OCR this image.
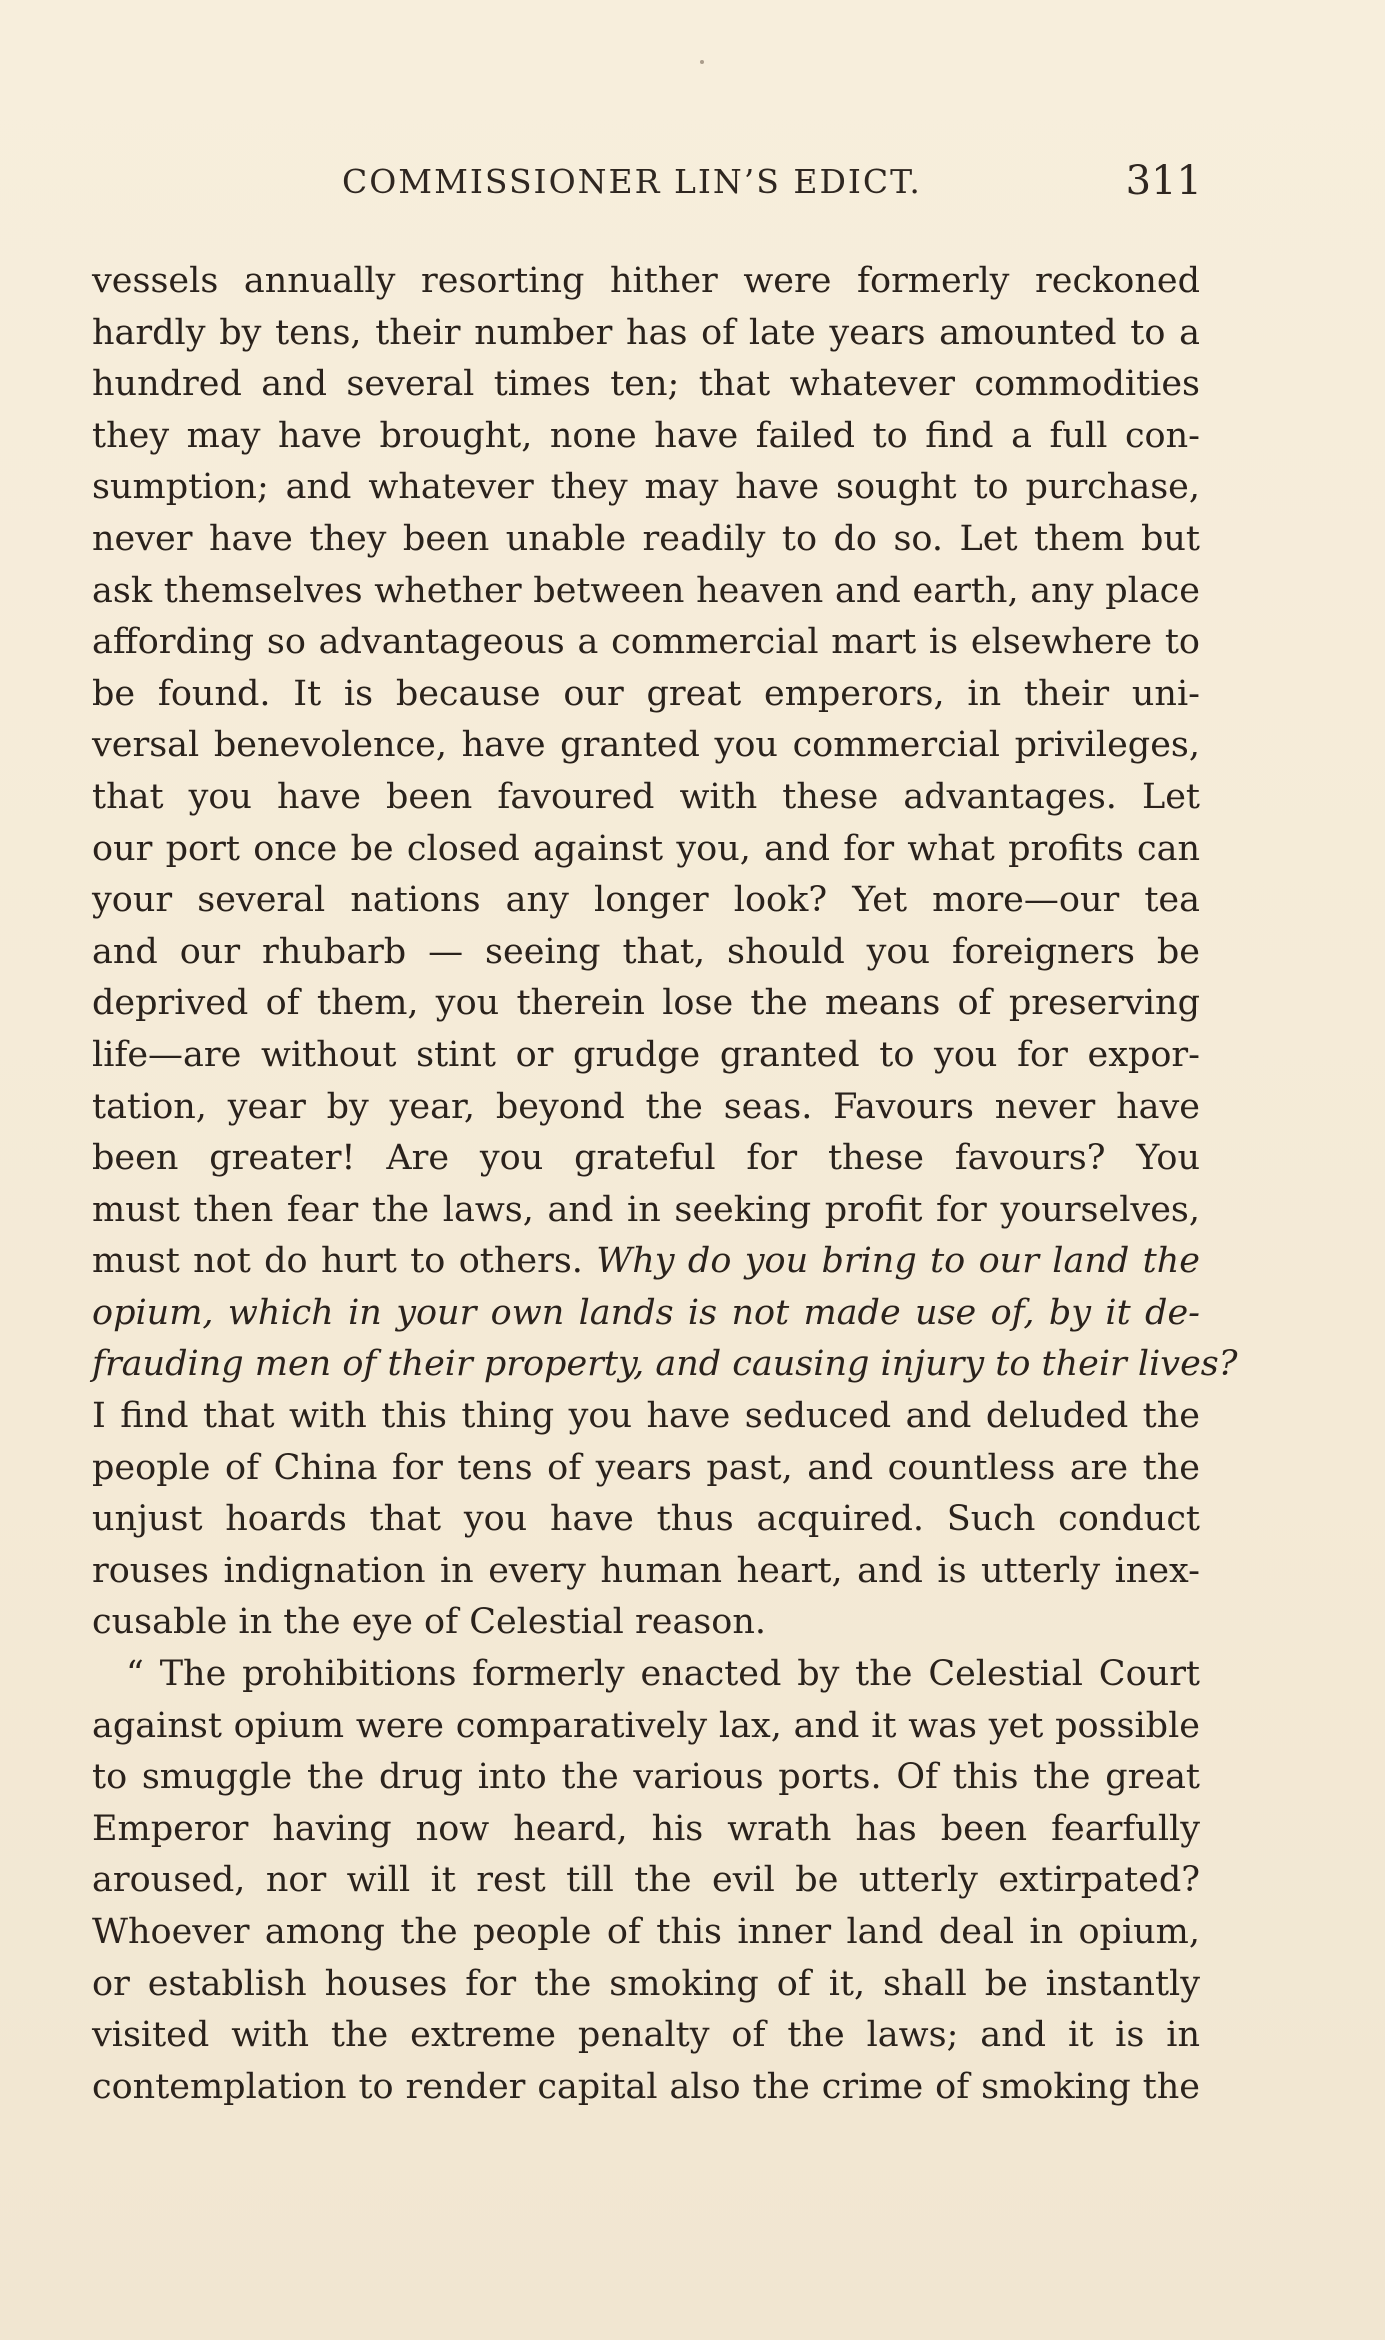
COMMISSIONER LIN’S EDICT.	311
vessels annually resorting hither were formerly reckoned
hardly by tens, their number has of late years amounted to a
hundred and several times ten; that whatever commodities
they may have brought, none have failed to find a full con-
sumption; and whatever they may have sought to purchase,
never have they been unable readily to do so. Let them but
ask themselves whether between heaven and earth, any place
affording so advantageous a commercial mart is elsewhere to
be found. It is because our great emperors, in their uni-
versal benevolence, have granted you commercial privileges,
that you have been favoured with these advantages. Let
our port once be closed against you, and for what profits can
your several nations any longer look? Yet more—our tea
and our rhubarb — seeing that, should you foreigners be
deprived of them, you therein lose the means of preserving
life—are without stint or grudge granted to you for expor-
tation, year by year, beyond the seas. Favours never have
been greater! Are you grateful for these favours? You
must then fear the laws, and in seeking profit for yourselves,
must not do hurt to others. Why do you bring to our land the
opium, which in your own lands is not made use of, by it de-
frauding men of their property, and causing injury to their lives?
I find that with this thing you have seduced and deluded the
people of China for tens of years past, and countless are the
unjust hoards that you have thus acquired. Such conduct
rouses indignation in every human heart, and is utterly inex-
cusable in the eye of Celestial reason.
“ The prohibitions formerly enacted by the Celestial Court
against opium were comparatively lax, and it was yet possible
to smuggle the drug into the various ports. Of this the great
Emperor having now heard, his wrath has been fearfully
aroused, nor will it rest till the evil be utterly extirpated?
Whoever among the people of this inner land deal in opium,
or establish houses for the smoking of it, shall be instantly
visited with the extreme penalty of the laws; and it is in
contemplation to render capital also the crime of smoking the
